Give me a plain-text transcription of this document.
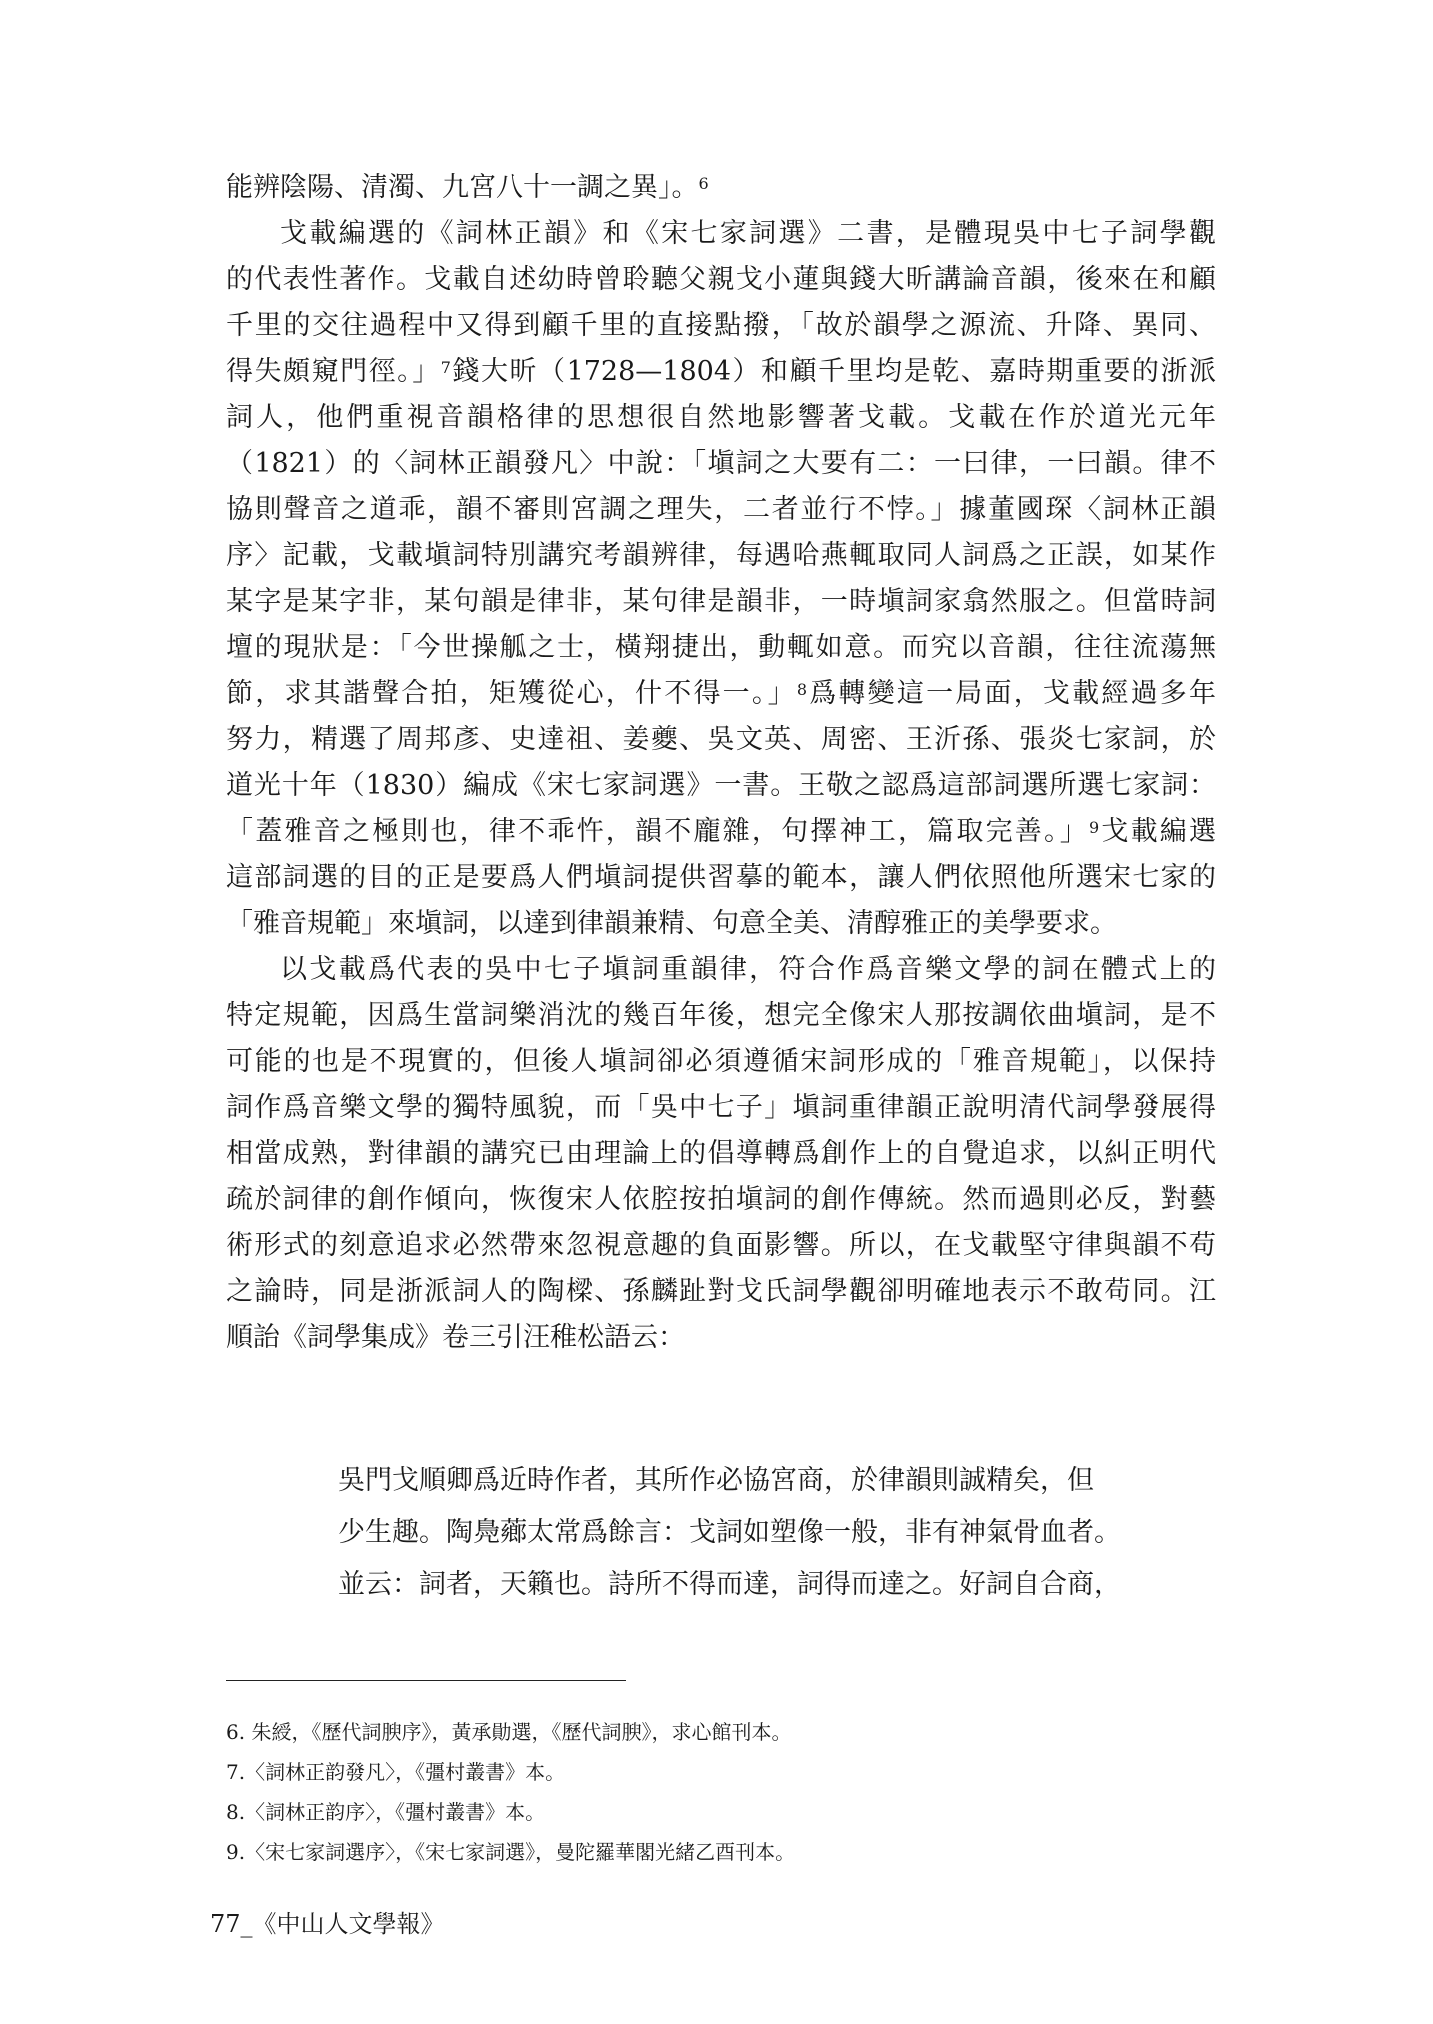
能辨陰陽、清濁、九宮八十一調之異」。$^6$
戈載編選的《詞林正韻》和《宋七家詞選》二書，是體現吳中七子詞學觀
的代表性著作。戈載自述幼時曾聆聽父親戈小蓮與錢大昕講論音韻，後來在和顧
千里的交往過程中又得到顧千里的直接點撥，「故於韻學之源流、升降、異同、
得失頗窺門徑。」$^7$錢大昕（1728—1804）和顧千里均是乾、嘉時期重要的浙派
詞人，他們重視音韻格律的思想很自然地影響著戈載。戈載在作於道光元年
（1821）的〈詞林正韻發凡〉中說：「塡詞之大要有二：一曰律，一曰韻。律不
協則聲音之道乖，韻不審則宮調之理失，二者並行不悖。」據董國琛〈詞林正韻
序〉記載，戈載塡詞特別講究考韻辨律，每遇哈燕輒取同人詞爲之正誤，如某作
某字是某字非，某句韻是律非，某句律是韻非，一時塡詞家翕然服之。但當時詞
壇的現狀是：「今世操觚之士，橫翔捷出，動輒如意。而究以音韻，往往流蕩無
節，求其諧聲合拍，矩矱從心，什不得一。」$^8$爲轉變這一局面，戈載經過多年
努力，精選了周邦彥、史達祖、姜夔、吳文英、周密、王沂孫、張炎七家詞，於
道光十年（1830）編成《宋七家詞選》一書。王敬之認爲這部詞選所選七家詞：
「蓋雅音之極則也，律不乖忤，韻不龐雜，句擇神工，篇取完善。」$^9$戈載編選
這部詞選的目的正是要爲人們塡詞提供習摹的範本，讓人們依照他所選宋七家的
「雅音規範」來塡詞，以達到律韻兼精、句意全美、清醇雅正的美學要求。
以戈載爲代表的吳中七子塡詞重韻律，符合作爲音樂文學的詞在體式上的
特定規範，因爲生當詞樂消沈的幾百年後，想完全像宋人那按調依曲塡詞，是不
可能的也是不現實的，但後人塡詞卻必須遵循宋詞形成的「雅音規範」，以保持
詞作爲音樂文學的獨特風貌，而「吳中七子」塡詞重律韻正說明清代詞學發展得
相當成熟，對律韻的講究已由理論上的倡導轉爲創作上的自覺追求，以糾正明代
疏於詞律的創作傾向，恢復宋人依腔按拍塡詞的創作傳統。然而過則必反，對藝
術形式的刻意追求必然帶來忽視意趣的負面影響。所以，在戈載堅守律與韻不苟
之論時，同是浙派詞人的陶樑、孫麟趾對戈氏詞學觀卻明確地表示不敢苟同。江
順詒《詞學集成》卷三引汪稚松語云：
吳門戈順卿爲近時作者，其所作必協宮商，於律韻則誠精矣，但
少生趣。陶鳧薌太常爲餘言：戈詞如塑像一般，非有神氣骨血者。
並云：詞者，天籟也。詩所不得而達，詞得而達之。好詞自合商，
6. 朱綬，《歷代詞腴序》，黃承勛選，《歷代詞腴》，求心館刊本。
7.〈詞林正韵發凡〉，《彊村叢書》本。
8.〈詞林正韵序〉，《彊村叢書》本。
9.〈宋七家詞選序〉，《宋七家詞選》，曼陀羅華閣光緒乙酉刊本。
77_《中山人文學報》
